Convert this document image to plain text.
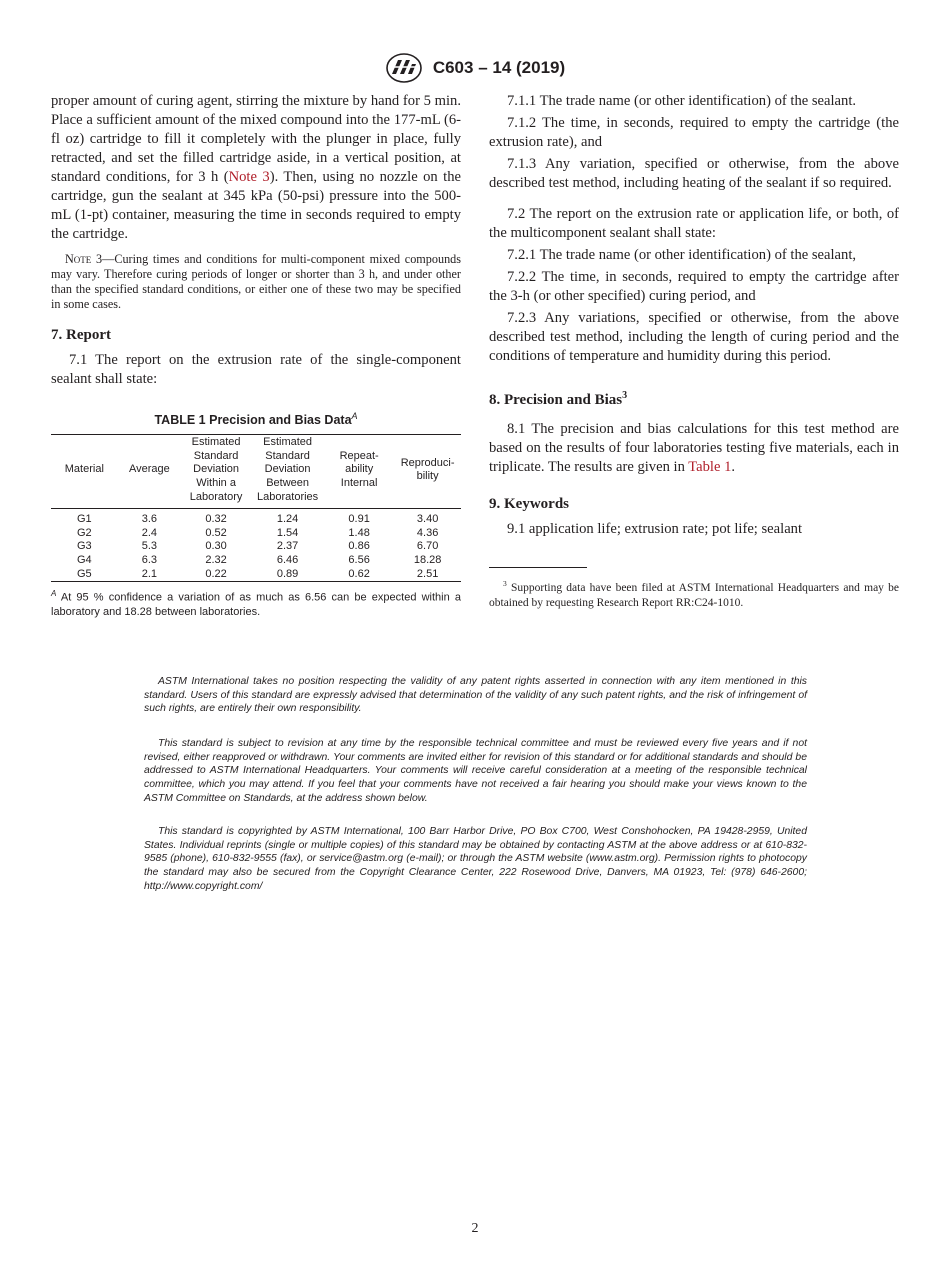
C603 – 14 (2019)

proper amount of curing agent, stirring the mixture by hand for 5 min. Place a sufficient amount of the mixed compound into the 177-mL (6-fl oz) cartridge to fill it completely with the plunger in place, fully retracted, and set the filled cartridge aside, in a vertical position, at standard conditions, for 3 h (Note 3). Then, using no nozzle on the cartridge, gun the sealant at 345 kPa (50-psi) pressure into the 500-mL (1-pt) container, measuring the time in seconds required to empty the cartridge.

Note 3—Curing times and conditions for multi-component mixed compounds may vary. Therefore curing periods of longer or shorter than 3 h, and under other than the specified standard conditions, or either one of these two may be specified in some cases.

7. Report

7.1 The report on the extrusion rate of the single-component sealant shall state:

TABLE 1 Precision and Bias Data$^A$
Material	Average	Estimated Standard Deviation Within a Laboratory	Estimated Standard Deviation Between Laboratories	Repeat-ability Internal	Reproduci-bility
G1	3.6	0.32	1.24	0.91	3.40
G2	2.4	0.52	1.54	1.48	4.36
G3	5.3	0.30	2.37	0.86	6.70
G4	6.3	2.32	6.46	6.56	18.28
G5	2.1	0.22	0.89	0.62	2.51
$^A$ At 95 % confidence a variation of as much as 6.56 can be expected within a laboratory and 18.28 between laboratories.

7.1.1 The trade name (or other identification) of the sealant.

7.1.2 The time, in seconds, required to empty the cartridge (the extrusion rate), and

7.1.3 Any variation, specified or otherwise, from the above described test method, including heating of the sealant if so required.

7.2 The report on the extrusion rate or application life, or both, of the multicomponent sealant shall state:

7.2.1 The trade name (or other identification) of the sealant,

7.2.2 The time, in seconds, required to empty the cartridge after the 3-h (or other specified) curing period, and

7.2.3 Any variations, specified or otherwise, from the above described test method, including the length of curing period and the conditions of temperature and humidity during this period.

8. Precision and Bias$^3$

8.1 The precision and bias calculations for this test method are based on the results of four laboratories testing five materials, each in triplicate. The results are given in Table 1.

9. Keywords

9.1 application life; extrusion rate; pot life; sealant

$^3$ Supporting data have been filed at ASTM International Headquarters and may be obtained by requesting Research Report RR:C24-1010.

ASTM International takes no position respecting the validity of any patent rights asserted in connection with any item mentioned in this standard. Users of this standard are expressly advised that determination of the validity of any such patent rights, and the risk of infringement of such rights, are entirely their own responsibility.

This standard is subject to revision at any time by the responsible technical committee and must be reviewed every five years and if not revised, either reapproved or withdrawn. Your comments are invited either for revision of this standard or for additional standards and should be addressed to ASTM International Headquarters. Your comments will receive careful consideration at a meeting of the responsible technical committee, which you may attend. If you feel that your comments have not received a fair hearing you should make your views known to the ASTM Committee on Standards, at the address shown below.

This standard is copyrighted by ASTM International, 100 Barr Harbor Drive, PO Box C700, West Conshohocken, PA 19428-2959, United States. Individual reprints (single or multiple copies) of this standard may be obtained by contacting ASTM at the above address or at 610-832-9585 (phone), 610-832-9555 (fax), or service@astm.org (e-mail); or through the ASTM website (www.astm.org). Permission rights to photocopy the standard may also be secured from the Copyright Clearance Center, 222 Rosewood Drive, Danvers, MA 01923, Tel: (978) 646-2600; http://www.copyright.com/

2
